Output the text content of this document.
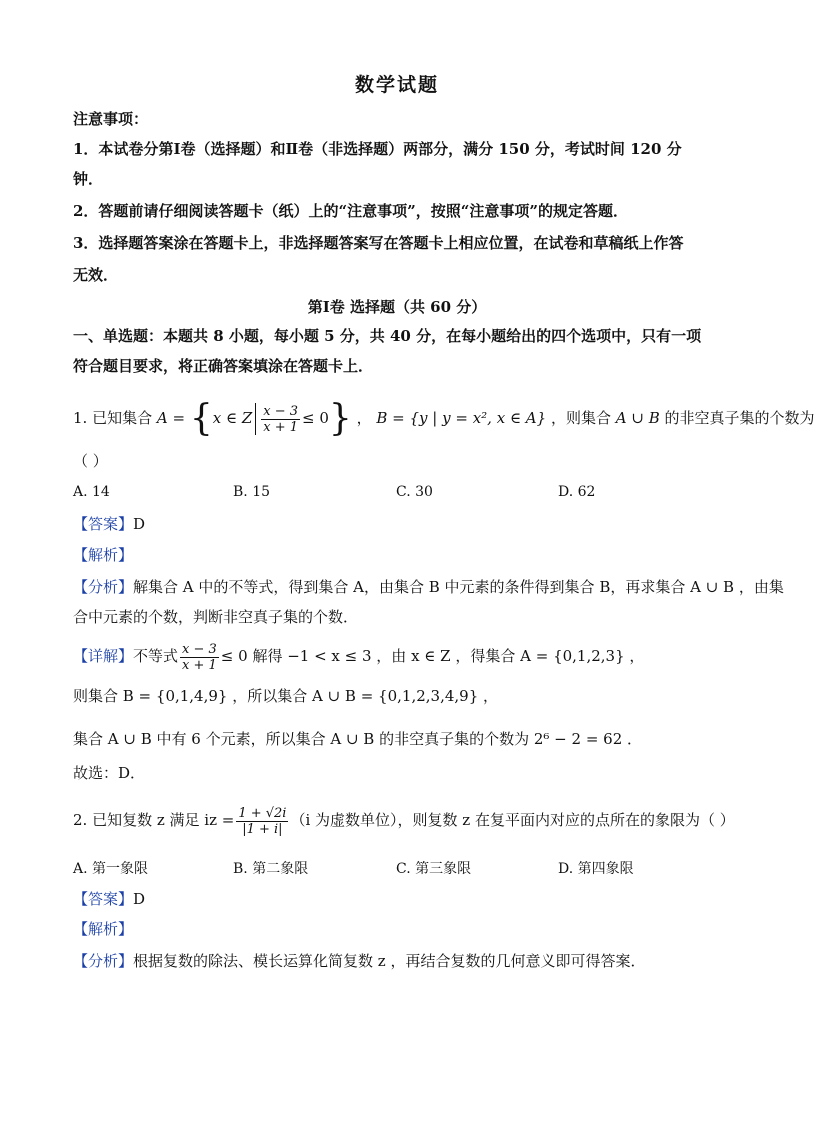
数学试题
注意事项：
1．本试卷分第Ⅰ卷（选择题）和Ⅱ卷（非选择题）两部分，满分 150 分，考试时间 120 分
钟．
2．答题前请仔细阅读答题卡（纸）上的“注意事项”，按照“注意事项”的规定答题．
3．选择题答案涂在答题卡上，非选择题答案写在答题卡上相应位置，在试卷和草稿纸上作答
无效．
第Ⅰ卷 选择题（共 60 分）
一、单选题：本题共 8 小题，每小题 5 分，共 40 分，在每小题给出的四个选项中，只有一项
符合题目要求，将正确答案填涂在答题卡上．
1. 已知集合 A = {x ∈ Z $\frac{x - 3}{x + 1} \le 0$} ， B = {y | y = x², x ∈ A} ，则集合 A ∪ B 的非空真子集的个数为
（ ）
A. 14	B. 15	C. 30	D. 62
【答案】D
【解析】
【分析】解集合 A 中的不等式，得到集合 A，由集合 B 中元素的条件得到集合 B，再求集合 A ∪ B ，由集
合中元素的个数，判断非空真子集的个数．
【详解】不等式 $\frac{x - 3}{x + 1} \le 0$ 解得 −1 < x ≤ 3 ，由 x ∈ Z ，得集合 A = {0,1,2,3} ，
则集合 B = {0,1,4,9} ，所以集合 A ∪ B = {0,1,2,3,4,9} ，
集合 A ∪ B 中有 6 个元素，所以集合 A ∪ B 的非空真子集的个数为 2⁶ − 2 = 62 ．
故选：D．
2. 已知复数 z 满足 iz = $\frac{1 + √2i}{|1 + i|} (i$ 为虚数单位），则复数 z 在复平面内对应的点所在的象限为（ ）
A. 第一象限	B. 第二象限	C. 第三象限	D. 第四象限
【答案】D
【解析】
【分析】根据复数的除法、模长运算化简复数 z ，再结合复数的几何意义即可得答案．
